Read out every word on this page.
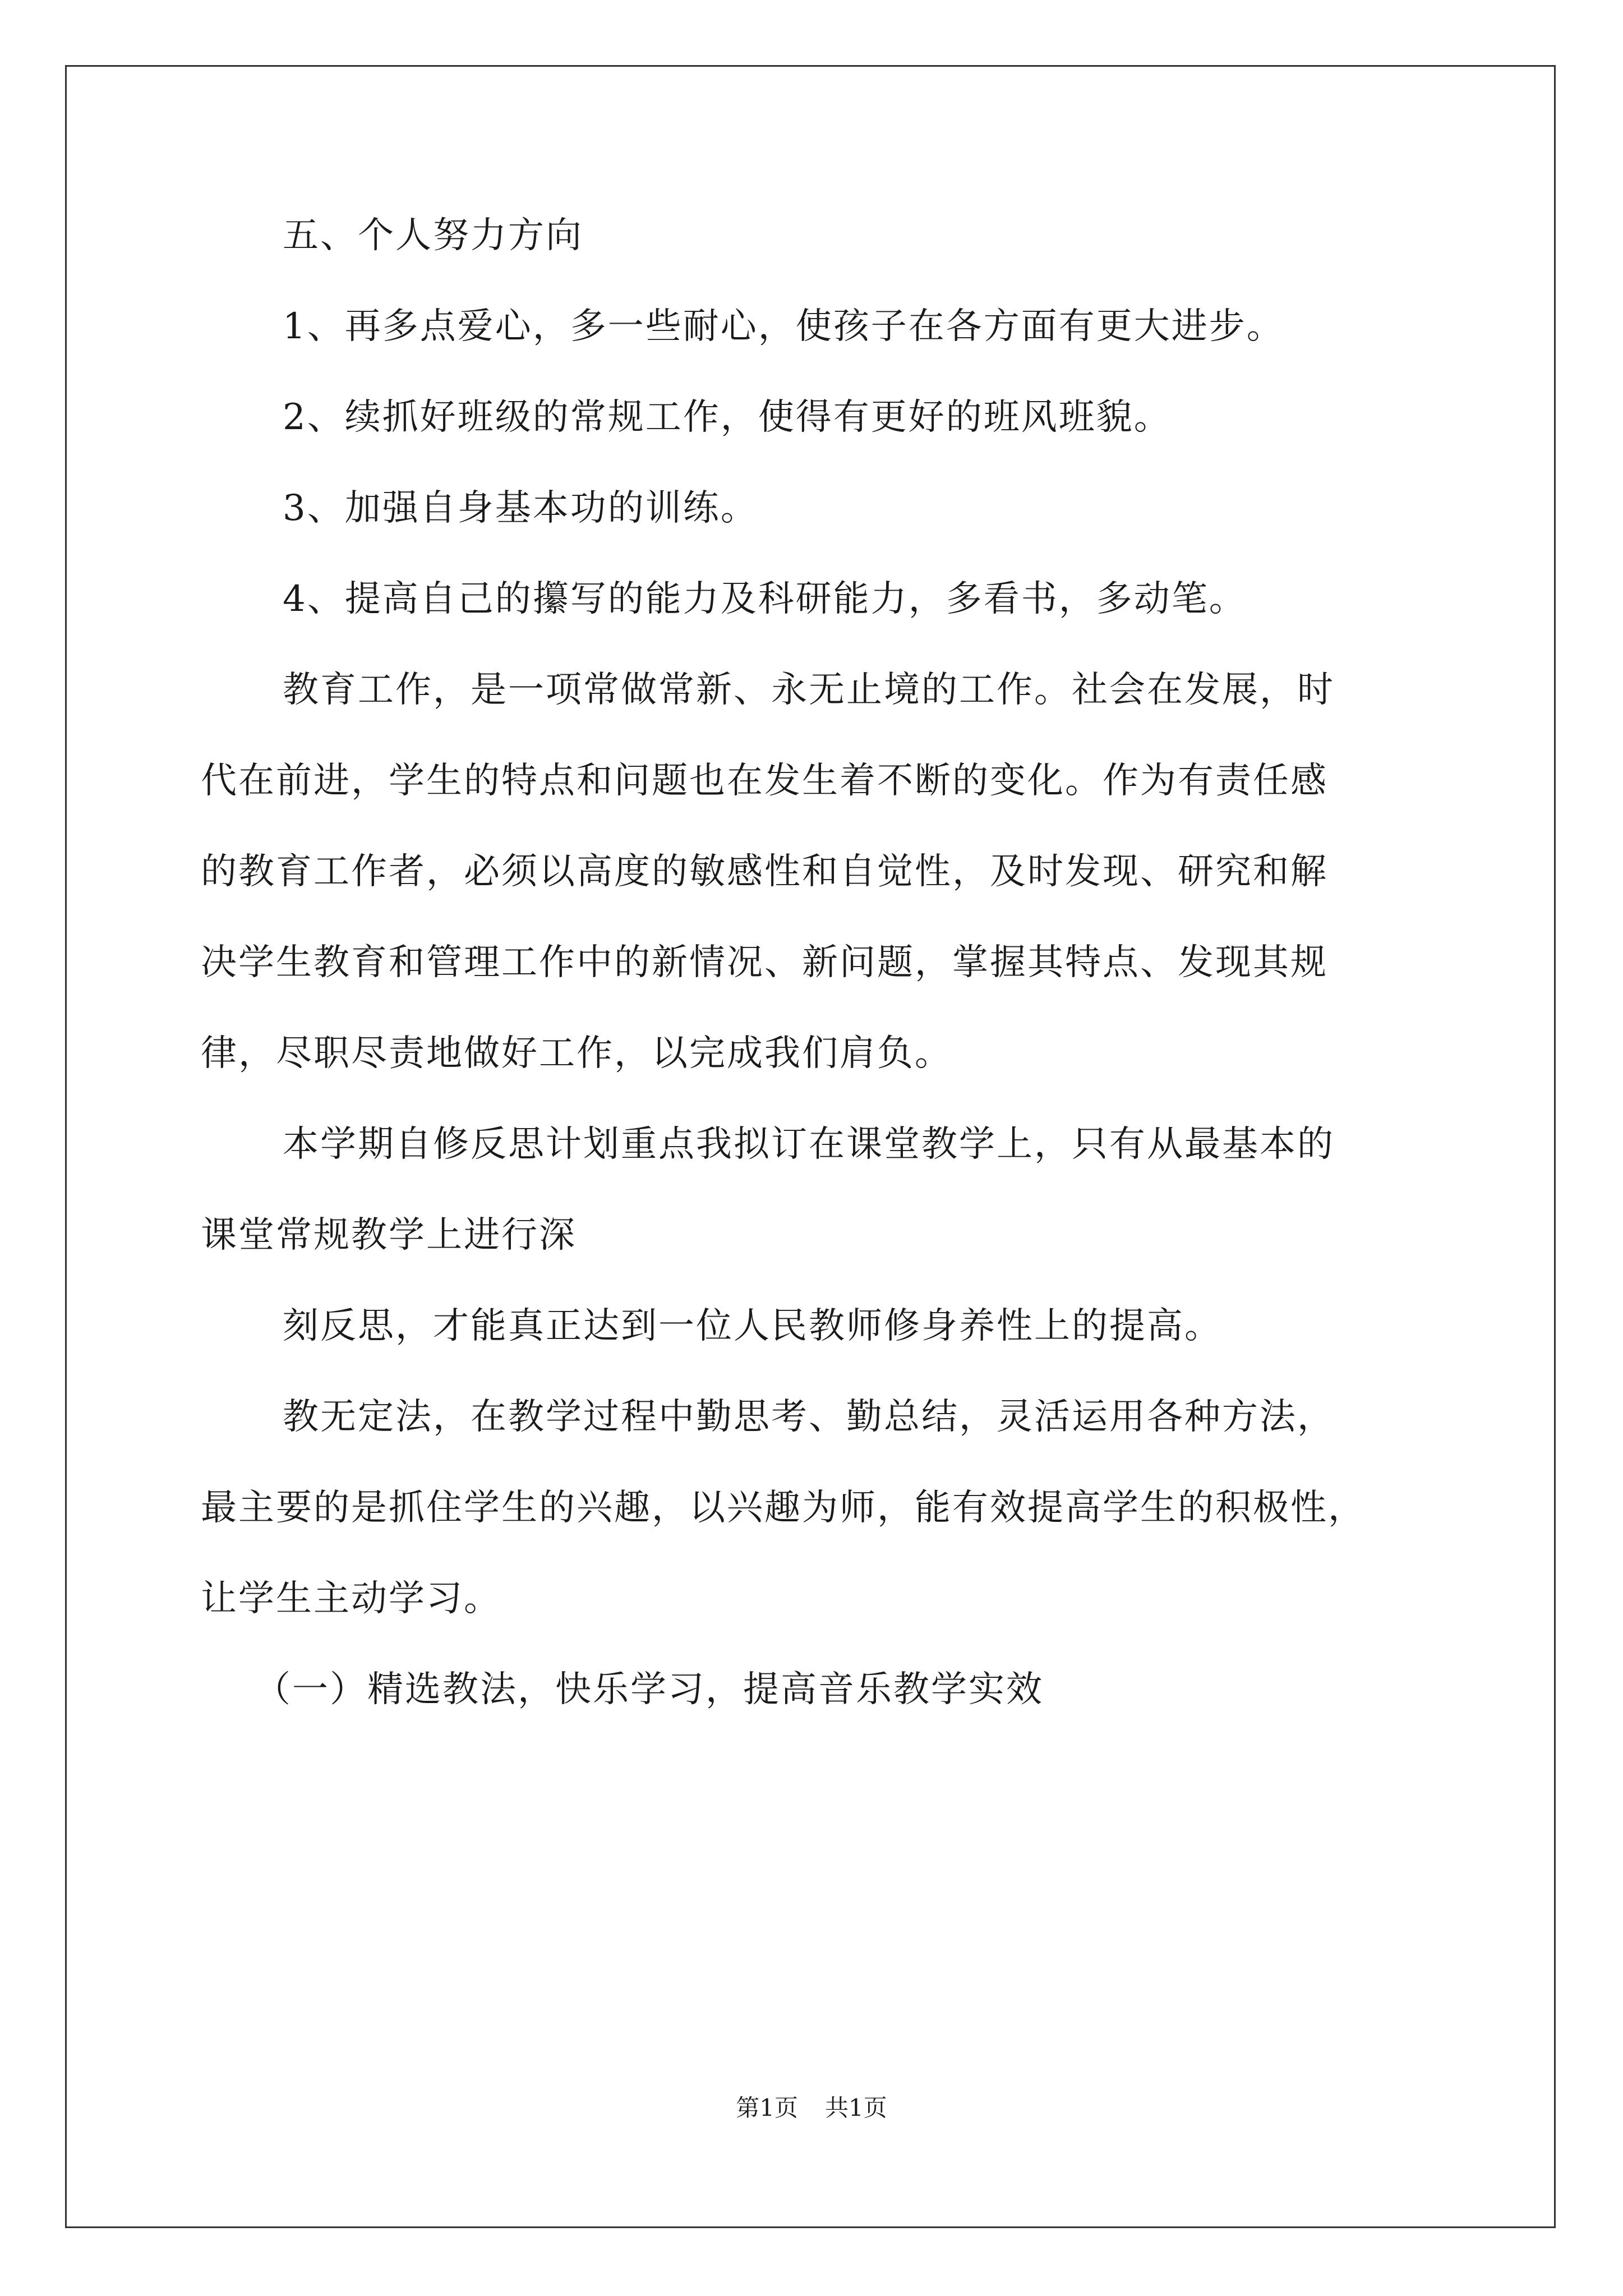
五、个人努力方向
1、再多点爱心，多一些耐心，使孩子在各方面有更大进步。
2、续抓好班级的常规工作，使得有更好的班风班貌。
3、加强自身基本功的训练。
4、提高自己的攥写的能力及科研能力，多看书，多动笔。
教育工作，是一项常做常新、永无止境的工作。社会在发展，时
代在前进，学生的特点和问题也在发生着不断的变化。作为有责任感
的教育工作者，必须以高度的敏感性和自觉性，及时发现、研究和解
决学生教育和管理工作中的新情况、新问题，掌握其特点、发现其规
律，尽职尽责地做好工作，以完成我们肩负。
本学期自修反思计划重点我拟订在课堂教学上，只有从最基本的
课堂常规教学上进行深
刻反思，才能真正达到一位人民教师修身养性上的提高。
教无定法，在教学过程中勤思考、勤总结，灵活运用各种方法，
最主要的是抓住学生的兴趣，以兴趣为师，能有效提高学生的积极性，
让学生主动学习。
（一）精选教法，快乐学习，提高音乐教学实效
第1页 共1页
